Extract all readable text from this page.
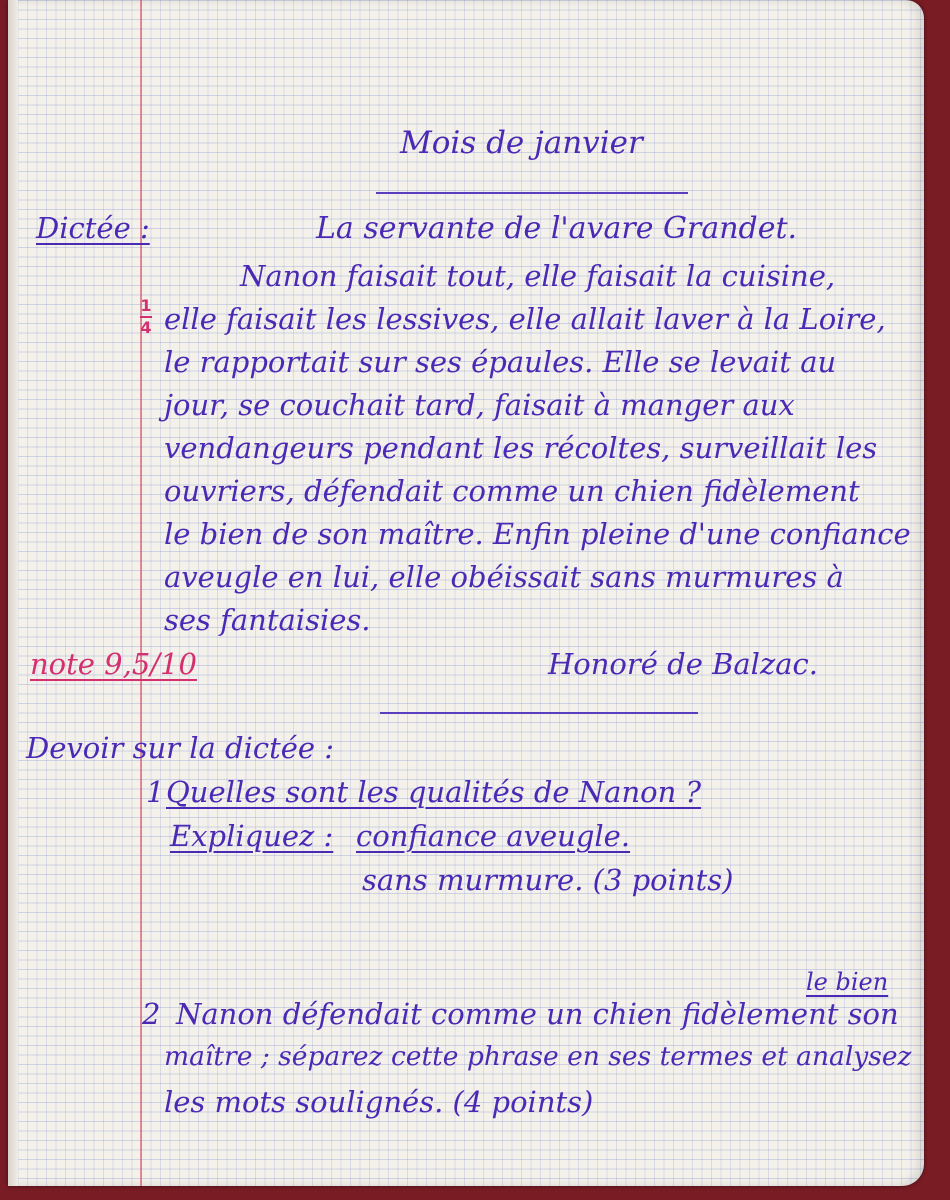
Mois de janvier
Dictée :	La servante de l'avare Grandet.
Nanon faisait tout, elle faisait la cuisine,
elle faisait les lessives, elle allait laver à la Loire,
le rapportait sur ses épaules. Elle se levait au
jour, se couchait tard, faisait à manger aux
vendangeurs pendant les récoltes, surveillait les
ouvriers, défendait comme un chien fidèlement
le bien de son maître. Enfin pleine d'une confiance
aveugle en lui, elle obéissait sans murmures à
ses fantaisies.
1
4
note 9,5/10	Honoré de Balzac.
Devoir sur la dictée :
1 Quelles sont les qualités de Nanon ?
Expliquez : confiance aveugle.
sans murmure. (3 points)
le bien
2 Nanon défendait comme un chien fidèlement son
maître ; séparez cette phrase en ses termes et analysez
les mots soulignés. (4 points)
